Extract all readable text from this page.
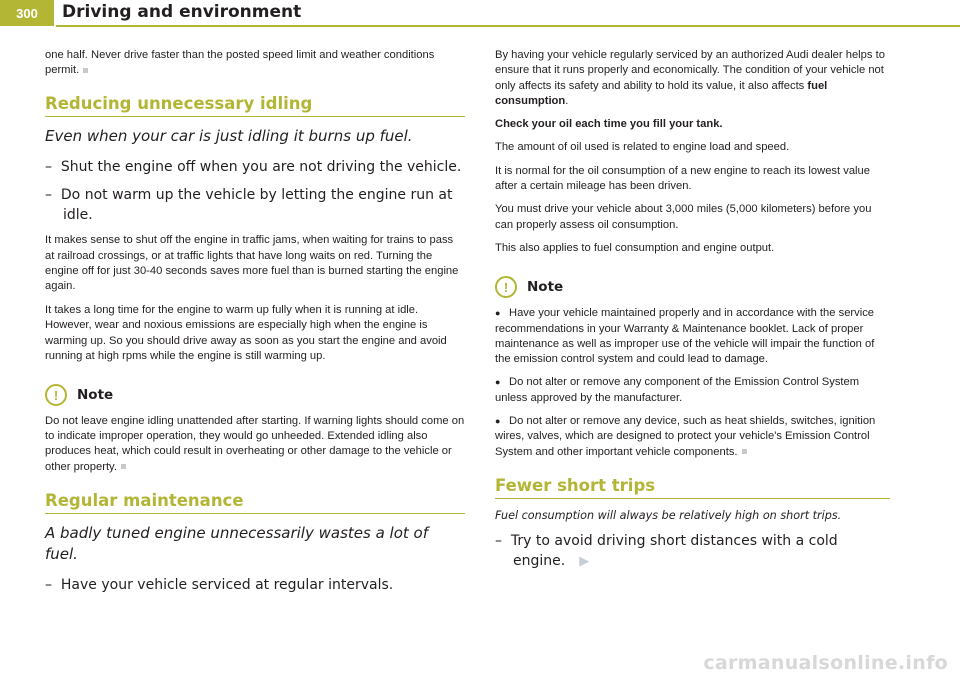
300	Driving and environment

one half. Never drive faster than the posted speed limit and weather conditions permit.

Reducing unnecessary idling

Even when your car is just idling it burns up fuel.

–  Shut the engine off when you are not driving the vehicle.
–  Do not warm up the vehicle by letting the engine run at idle.

It makes sense to shut off the engine in traffic jams, when waiting for trains to pass at railroad crossings, or at traffic lights that have long waits on red. Turning the engine off for just 30-40 seconds saves more fuel than is burned starting the engine again.

It takes a long time for the engine to warm up fully when it is running at idle. However, wear and noxious emissions are especially high when the engine is warming up. So you should drive away as soon as you start the engine and avoid running at high rpms while the engine is still warming up.

!	Note

Do not leave engine idling unattended after starting. If warning lights should come on to indicate improper operation, they would go unheeded. Extended idling also produces heat, which could result in overheating or other damage to the vehicle or other property.

Regular maintenance

A badly tuned engine unnecessarily wastes a lot of fuel.

–  Have your vehicle serviced at regular intervals.

By having your vehicle regularly serviced by an authorized Audi dealer helps to ensure that it runs properly and economically. The condition of your vehicle not only affects its safety and ability to hold its value, it also affects fuel consumption.

Check your oil each time you fill your tank.

The amount of oil used is related to engine load and speed.

It is normal for the oil consumption of a new engine to reach its lowest value after a certain mileage has been driven.

You must drive your vehicle about 3,000 miles (5,000 kilometers) before you can properly assess oil consumption.

This also applies to fuel consumption and engine output.

!	Note

● Have your vehicle maintained properly and in accordance with the service recommendations in your Warranty & Maintenance booklet. Lack of proper maintenance as well as improper use of the vehicle will impair the function of the emission control system and could lead to damage.

● Do not alter or remove any component of the Emission Control System unless approved by the manufacturer.

● Do not alter or remove any device, such as heat shields, switches, ignition wires, valves, which are designed to protect your vehicle's Emission Control System and other important vehicle components.

Fewer short trips

Fuel consumption will always be relatively high on short trips.

–  Try to avoid driving short distances with a cold engine. ▶
carmanualsonline.info
